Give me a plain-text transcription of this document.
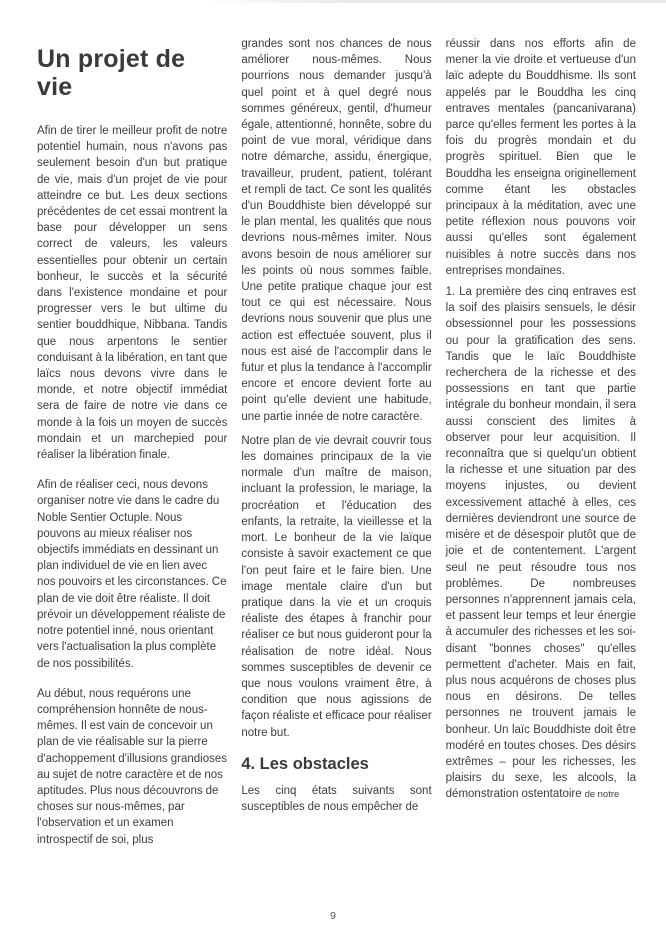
Un projet de vie

Afin de tirer le meilleur profit de notre potentiel humain, nous n'avons pas seulement besoin d'un but pratique de vie, mais d'un projet de vie pour atteindre ce but. Les deux sections précédentes de cet essai montrent la base pour développer un sens correct de valeurs, les valeurs essentielles pour obtenir un certain bonheur, le succès et la sécurité dans l'existence mondaine et pour progresser vers le but ultime du sentier bouddhique, Nibbana. Tandis que nous arpentons le sentier conduisant à la libération, en tant que laïcs nous devons vivre dans le monde, et notre objectif immédiat sera de faire de notre vie dans ce monde à la fois un moyen de succès mondain et un marchepied pour réaliser la libération finale.

Afin de réaliser ceci, nous devons organiser notre vie dans le cadre du Noble Sentier Octuple. Nous pouvons au mieux réaliser nos objectifs immédiats en dessinant un plan individuel de vie en lien avec nos pouvoirs et les circonstances. Ce plan de vie doit être réaliste. Il doit prévoir un développement réaliste de notre potentiel inné, nous orientant vers l'actualisation la plus complète de nos possibilités.

Au début, nous requérons une compréhension honnête de nous-mêmes. Il est vain de concevoir un plan de vie réalisable sur la pierre d'achoppement d'illusions grandioses au sujet de notre caractère et de nos aptitudes. Plus nous découvrons de choses sur nous-mêmes, par l'observation et un examen introspectif de soi, plus

grandes sont nos chances de nous améliorer nous-mêmes. Nous pourrions nous demander jusqu'à quel point et à quel degré nous sommes généreux, gentil, d'humeur égale, attentionné, honnête, sobre du point de vue moral, véridique dans notre démarche, assidu, énergique, travailleur, prudent, patient, tolérant et rempli de tact. Ce sont les qualités d'un Bouddhiste bien développé sur le plan mental, les qualités que nous devrions nous-mêmes imiter. Nous avons besoin de nous améliorer sur les points où nous sommes faible. Une petite pratique chaque jour est tout ce qui est nécessaire. Nous devrions nous souvenir que plus une action est effectuée souvent, plus il nous est aisé de l'accomplir dans le futur et plus la tendance à l'accomplir encore et encore devient forte au point qu'elle devient une habitude, une partie innée de notre caractère.

Notre plan de vie devrait couvrir tous les domaines principaux de la vie normale d'un maître de maison, incluant la profession, le mariage, la procréation et l'éducation des enfants, la retraite, la vieillesse et la mort. Le bonheur de la vie laïque consiste à savoir exactement ce que l'on peut faire et le faire bien. Une image mentale claire d'un but pratique dans la vie et un croquis réaliste des étapes à franchir pour réaliser ce but nous guideront pour la réalisation de notre idéal. Nous sommes susceptibles de devenir ce que nous voulons vraiment être, à condition que nous agissions de façon réaliste et efficace pour réaliser notre but.

4. Les obstacles

Les cinq états suivants sont susceptibles de nous empêcher de

réussir dans nos efforts afin de mener la vie droite et vertueuse d'un laïc adepte du Bouddhisme. Ils sont appelés par le Bouddha les cinq entraves mentales (pancanivarana) parce qu'elles ferment les portes à la fois du progrès mondain et du progrès spirituel. Bien que le Bouddha les enseigna originellement comme étant les obstacles principaux à la méditation, avec une petite réflexion nous pouvons voir aussi qu'elles sont également nuisibles à notre succès dans nos entreprises mondaines.

1. La première des cinq entraves est la soif des plaisirs sensuels, le désir obsessionnel pour les possessions ou pour la gratification des sens. Tandis que le laïc Bouddhiste recherchera de la richesse et des possessions en tant que partie intégrale du bonheur mondain, il sera aussi conscient des limites à observer pour leur acquisition. Il reconnaîtra que si quelqu'un obtient la richesse et une situation par des moyens injustes, ou devient excessivement attaché à elles, ces dernières deviendront une source de misère et de désespoir plutôt que de joie et de contentement. L'argent seul ne peut résoudre tous nos problèmes. De nombreuses personnes n'apprennent jamais cela, et passent leur temps et leur énergie à accumuler des richesses et les soi-disant "bonnes choses" qu'elles permettent d'acheter. Mais en fait, plus nous acquérons de choses plus nous en désirons. De telles personnes ne trouvent jamais le bonheur. Un laïc Bouddhiste doit être modéré en toutes choses. Des désirs extrêmes – pour les richesses, les plaisirs du sexe, les alcools, la démonstration ostentatoire de notre

9
